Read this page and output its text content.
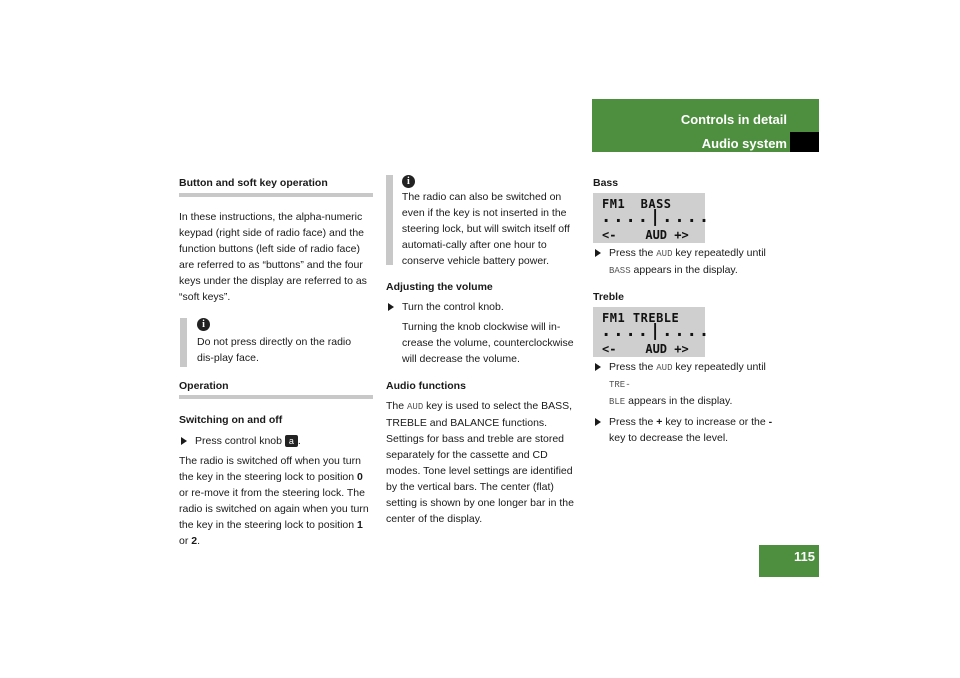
Controls in detail
Audio system
Button and soft key operation

In these instructions, the alpha-numeric keypad (right side of radio face) and the function buttons (left side of radio face) are referred to as “buttons” and the four keys under the display are referred to as “soft keys”.

i

Do not press directly on the radio dis-play face.

Operation
Switching on and off

Press control knob a .

The radio is switched off when you turn the key in the steering lock to position 0 or re-move it from the steering lock. The radio is switched on again when you turn the key in the steering lock to position 1 or 2.

i

The radio can also be switched on even if the key is not inserted in the steering lock, but will switch itself off automati-cally after one hour to conserve vehicle battery power.

Adjusting the volume

Turn the control knob.

Turning the knob clockwise will in-crease the volume, counterclockwise will decrease the volume.

Audio functions

The AUD key is used to select the BASS, TREBLE and BALANCE functions. Settings for bass and treble are stored separately for the cassette and CD modes. Tone level settings are identified by the vertical bars. The center (flat) setting is shown by one longer bar in the center of the display.

Bass
FM1  BASS
....|....
<-    AUD +>

Press the AUD key repeatedly until BASS appears in the display.

Treble
FM1 TREBLE
....|....
<-    AUD +>

Press the AUD key repeatedly until TRE-
BLE appears in the display.

Press the + key to increase or the - key to decrease the level.

115
